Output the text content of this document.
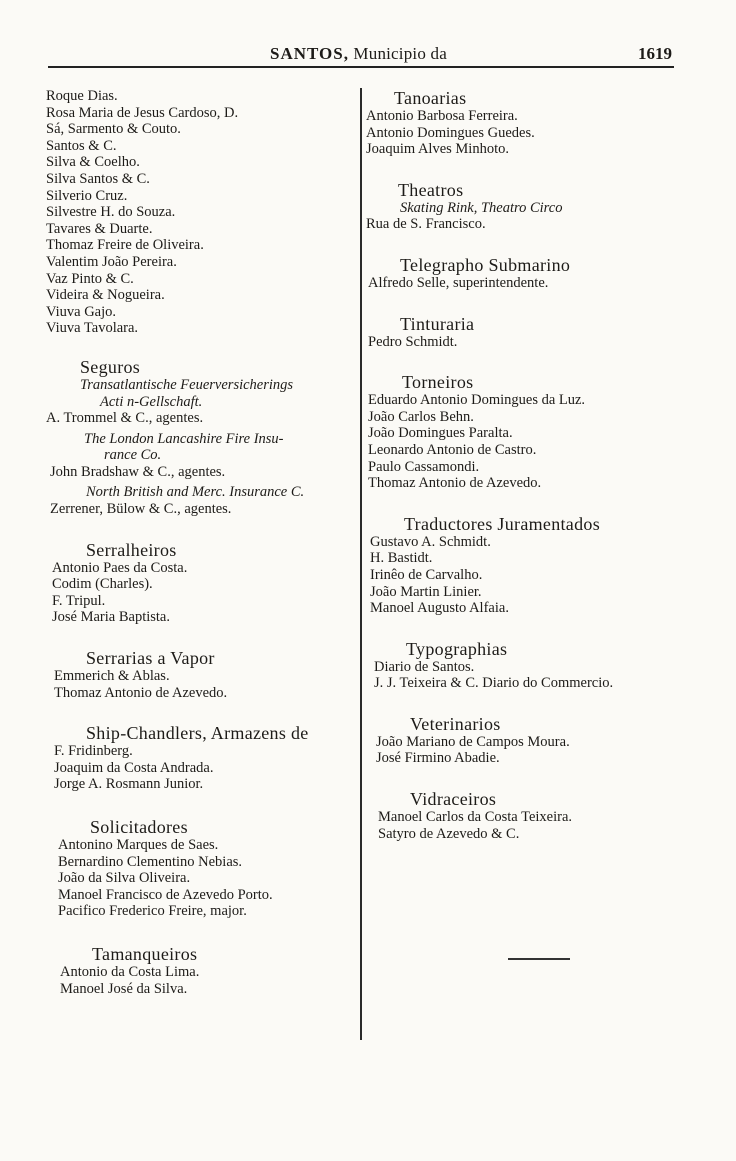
SANTOS, Municipio da	1619
Roque Dias.
Rosa Maria de Jesus Cardoso, D.
Sá, Sarmento & Couto.
Santos & C.
Silva & Coelho.
Silva Santos & C.
Silverio Cruz.
Silvestre H. do Souza.
Tavares & Duarte.
Thomaz Freire de Oliveira.
Valentim João Pereira.
Vaz Pinto & C.
Videira & Nogueira.
Viuva Gajo.
Viuva Tavolara.
Seguros
Transatlantische Feuerversicherings
Acti n-Gellschaft.
A. Trommel & C., agentes.
The London Lancashire Fire Insu-
rance Co.
John Bradshaw & C., agentes.
North British and Merc. Insurance C.
Zerrener, Bülow & C., agentes.
Serralheiros
Antonio Paes da Costa.
Codim (Charles).
F. Tripul.
José Maria Baptista.
Serrarias a Vapor
Emmerich & Ablas.
Thomaz Antonio de Azevedo.
Ship-Chandlers, Armazens de
F. Fridinberg.
Joaquim da Costa Andrada.
Jorge A. Rosmann Junior.
Solicitadores
Antonino Marques de Saes.
Bernardino Clementino Nebias.
João da Silva Oliveira.
Manoel Francisco de Azevedo Porto.
Pacifico Frederico Freire, major.
Tamanqueiros
Antonio da Costa Lima.
Manoel José da Silva.
Tanoarias
Antonio Barbosa Ferreira.
Antonio Domingues Guedes.
Joaquim Alves Minhoto.
Theatros
Skating Rink, Theatro Circo
Rua de S. Francisco.
Telegrapho Submarino
Alfredo Selle, superintendente.
Tinturaria
Pedro Schmidt.
Torneiros
Eduardo Antonio Domingues da Luz.
João Carlos Behn.
João Domingues Paralta.
Leonardo Antonio de Castro.
Paulo Cassamondi.
Thomaz Antonio de Azevedo.
Traductores Juramentados
Gustavo A. Schmidt.
H. Bastidt.
Irinêo de Carvalho.
João Martin Linier.
Manoel Augusto Alfaia.
Typographias
Diario de Santos.
J. J. Teixeira & C. Diario do Commercio.
Veterinarios
João Mariano de Campos Moura.
José Firmino Abadie.
Vidraceiros
Manoel Carlos da Costa Teixeira.
Satyro de Azevedo & C.
